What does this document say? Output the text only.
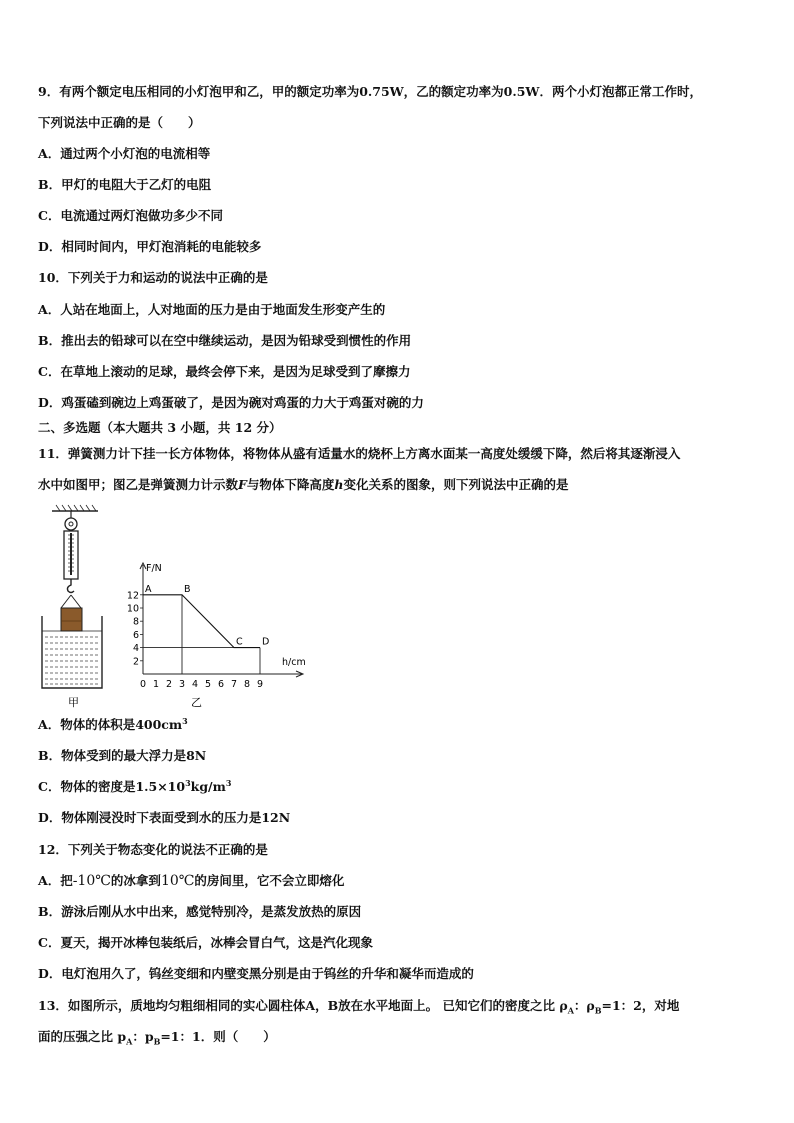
9．有两个额定电压相同的小灯泡甲和乙，甲的额定功率为0.75W，乙的额定功率为0.5W．两个小灯泡都正常工作时，
下列说法中正确的是（　　）
A．通过两个小灯泡的电流相等
B．甲灯的电阻大于乙灯的电阻
C．电流通过两灯泡做功多少不同
D．相同时间内，甲灯泡消耗的电能较多
10．下列关于力和运动的说法中正确的是
A．人站在地面上，人对地面的压力是由于地面发生形变产生的
B．推出去的铅球可以在空中继续运动，是因为铅球受到惯性的作用
C．在草地上滚动的足球，最终会停下来，是因为足球受到了摩擦力
D．鸡蛋磕到碗边上鸡蛋破了，是因为碗对鸡蛋的力大于鸡蛋对碗的力
二、多选题（本大题共 3 小题，共 12 分）
11．弹簧测力计下挂一长方体物体，将物体从盛有适量水的烧杯上方离水面某一高度处缓缓下降，然后将其逐渐浸入
水中如图甲；图乙是弹簧测力计示数F与物体下降高度h变化关系的图象，则下列说法中正确的是
甲
F/N
h/cm
0 1 2 3 4 5 6 7 8 9
2
4
6
8
10
12
A	B
C D
乙
A．物体的体积是$400cm^3$
B．物体受到的最大浮力是8N
C．物体的密度是$1.5\times 10^3kg/m^3$
D．物体刚浸没时下表面受到水的压力是12N
12．下列关于物态变化的说法不正确的是
A．把-10℃的冰拿到10℃的房间里，它不会立即熔化
B．游泳后刚从水中出来，感觉特别冷，是蒸发放热的原因
C．夏天，揭开冰棒包装纸后，冰棒会冒白气，这是汽化现象
D．电灯泡用久了，钨丝变细和内壁变黑分别是由于钨丝的升华和凝华而造成的
13．如图所示，质地均匀粗细相同的实心圆柱体A，B放在水平地面上。 已知它们的密度之比 $\rho_A$：$\rho_B=1$：2，对地
面的压强之比 $p_A$：$p_B=1$：1．则（　　）
